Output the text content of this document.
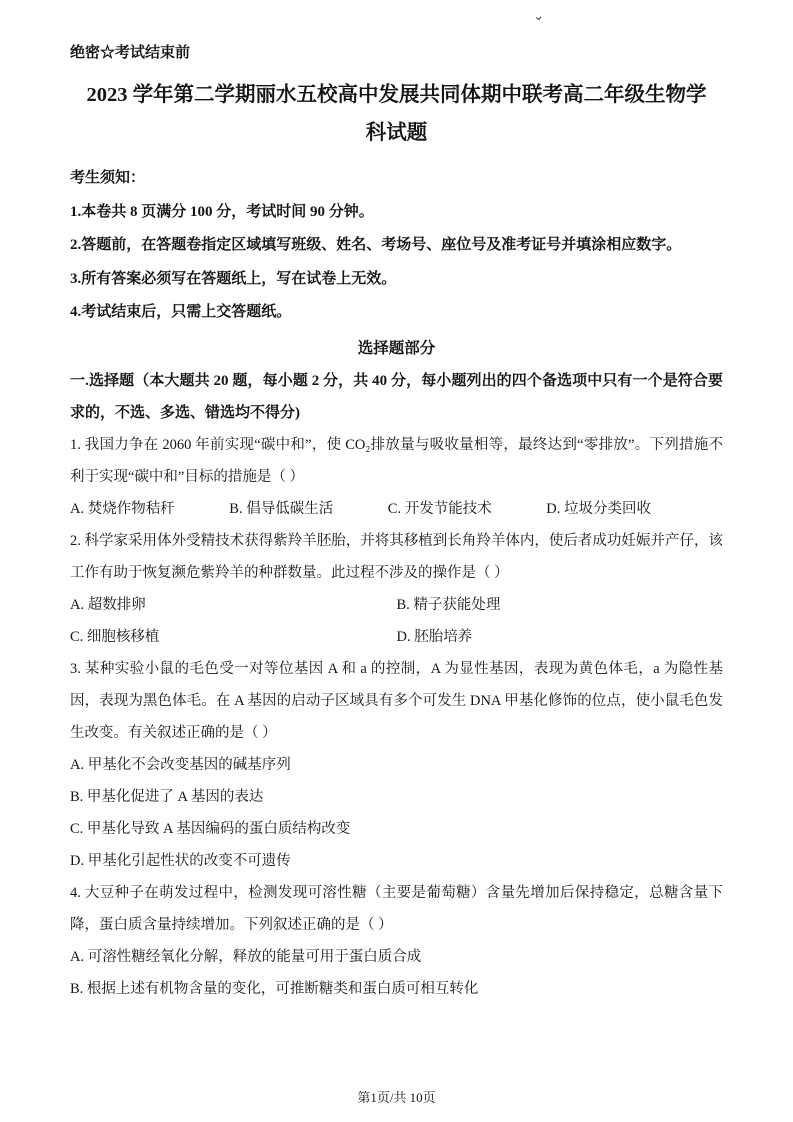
⌄
绝密☆考试结束前
2023 学年第二学期丽水五校高中发展共同体期中联考高二年级生物学
科试题

考生须知：

1.本卷共 8 页满分 100 分，考试时间 90 分钟。

2.答题前，在答题卷指定区域填写班级、姓名、考场号、座位号及准考证号并填涂相应数字。

3.所有答案必须写在答题纸上，写在试卷上无效。

4.考试结束后，只需上交答题纸。

选择题部分

一.选择题（本大题共 20 题，每小题 2 分，共 40 分，每小题列出的四个备选项中只有一个是符合要求的，不选、多选、错选均不得分)

1. 我国力争在 2060 年前实现“碳中和”，使 CO₂排放量与吸收量相等，最终达到“零排放”。下列措施不利于实现“碳中和”目标的措施是（ ）

A. 焚烧作物秸秆	B. 倡导低碳生活	C. 开发节能技术	D. 垃圾分类回收

2. 科学家采用体外受精技术获得紫羚羊胚胎，并将其移植到长角羚羊体内，使后者成功妊娠并产仔，该工作有助于恢复濒危紫羚羊的种群数量。此过程不涉及的操作是（ ）

A. 超数排卵	B. 精子获能处理
C. 细胞核移植	D. 胚胎培养

3. 某种实验小鼠的毛色受一对等位基因 A 和 a 的控制，A 为显性基因，表现为黄色体毛，a 为隐性基因，表现为黑色体毛。在 A 基因的启动子区域具有多个可发生 DNA 甲基化修饰的位点，使小鼠毛色发生改变。有关叙述正确的是（ ）

A. 甲基化不会改变基因的碱基序列
B. 甲基化促进了 A 基因的表达
C. 甲基化导致 A 基因编码的蛋白质结构改变
D. 甲基化引起性状的改变不可遗传

4. 大豆种子在萌发过程中，检测发现可溶性糖（主要是葡萄糖）含量先增加后保持稳定，总糖含量下降，蛋白质含量持续增加。下列叙述正确的是（ ）

A. 可溶性糖经氧化分解，释放的能量可用于蛋白质合成
B. 根据上述有机物含量的变化，可推断糖类和蛋白质可相互转化
第1页/共 10页
